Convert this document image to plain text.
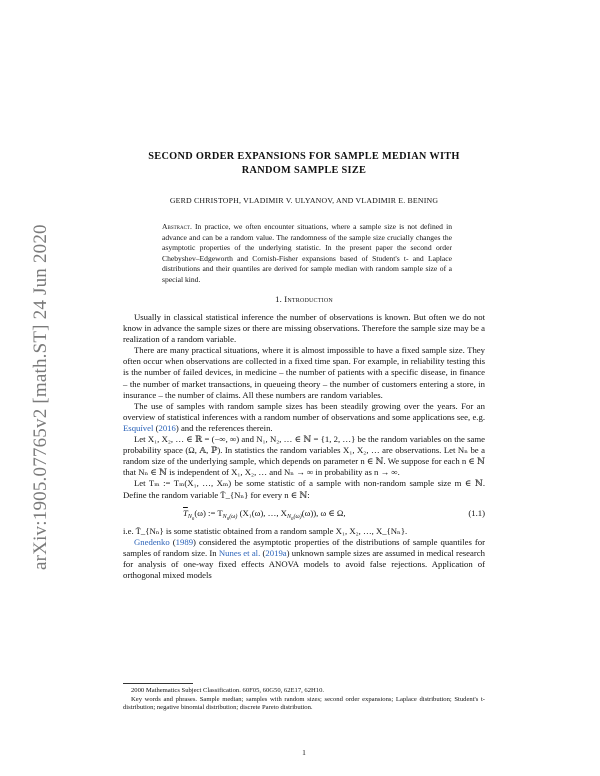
arXiv:1905.07765v2 [math.ST] 24 Jun 2020
SECOND ORDER EXPANSIONS FOR SAMPLE MEDIAN WITH
RANDOM SAMPLE SIZE
GERD CHRISTOPH, VLADIMIR V. ULYANOV, AND VLADIMIR E. BENING
Abstract. In practice, we often encounter situations, where a sample size is not defined in advance and can be a random value. The randomness of the sample size crucially changes the asymptotic properties of the underlying statistic. In the present paper the second order Chebyshev–Edgeworth and Cornish-Fisher expansions based of Student's t- and Laplace distributions and their quantiles are derived for sample median with random sample size of a special kind.
1. Introduction

Usually in classical statistical inference the number of observations is known. But often we do not know in advance the sample sizes or there are missing observations. Therefore the sample size may be a realization of a random variable.

There are many practical situations, where it is almost impossible to have a fixed sample size. They often occur when observations are collected in a fixed time span. For example, in reliability testing this is the number of failed devices, in medicine – the number of patients with a specific disease, in finance – the number of market transactions, in queueing theory – the number of customers entering a store, in insurance – the number of claims. All these numbers are random variables.

The use of samples with random sample sizes has been steadily growing over the years. For an overview of statistical inferences with a random number of observations and some applications see, e.g. Esquível (2016) and the references therein.

Let X₁, X₂, … ∈ ℝ = (−∞, ∞) and N₁, N₂, … ∈ ℕ = {1, 2, …} be the random variables on the same probability space (Ω, 𝔸, ℙ). In statistics the random variables X₁, X₂, … are observations. Let Nₙ be a random size of the underlying sample, which depends on parameter n ∈ ℕ. We suppose for each n ∈ ℕ that Nₙ ∈ ℕ is independent of X₁, X₂, … and Nₙ → ∞ in probability as n → ∞.

Let Tₘ := Tₘ(X₁, …, Xₘ) be some statistic of a sample with non-random sample size m ∈ ℕ. Define the random variable T̄_{Nₙ} for every n ∈ ℕ:

$\overline{T}_{N_n}(\omega)$ := $T_{N_n(\omega)}$ (X₁(ω), …, $X_{N_n(\omega)}(\omega)$), ω ∈ Ω,	(1.1)

i.e. T̄_{Nₙ} is some statistic obtained from a random sample X₁, X₂, …, X_{Nₙ}.

Gnedenko (1989) considered the asymptotic properties of the distributions of sample quantiles for samples of random size. In Nunes et al. (2019a) unknown sample sizes are assumed in medical research for analysis of one-way fixed effects ANOVA models to avoid false rejections. Application of orthogonal mixed models

2000 Mathematics Subject Classification. 60F05, 60G50, 62E17, 62H10.
Key words and phrases. Sample median; samples with random sizes; second order expansions; Laplace distribution; Student's t-distribution; negative binomial distribution; discrete Pareto distribution.
1
